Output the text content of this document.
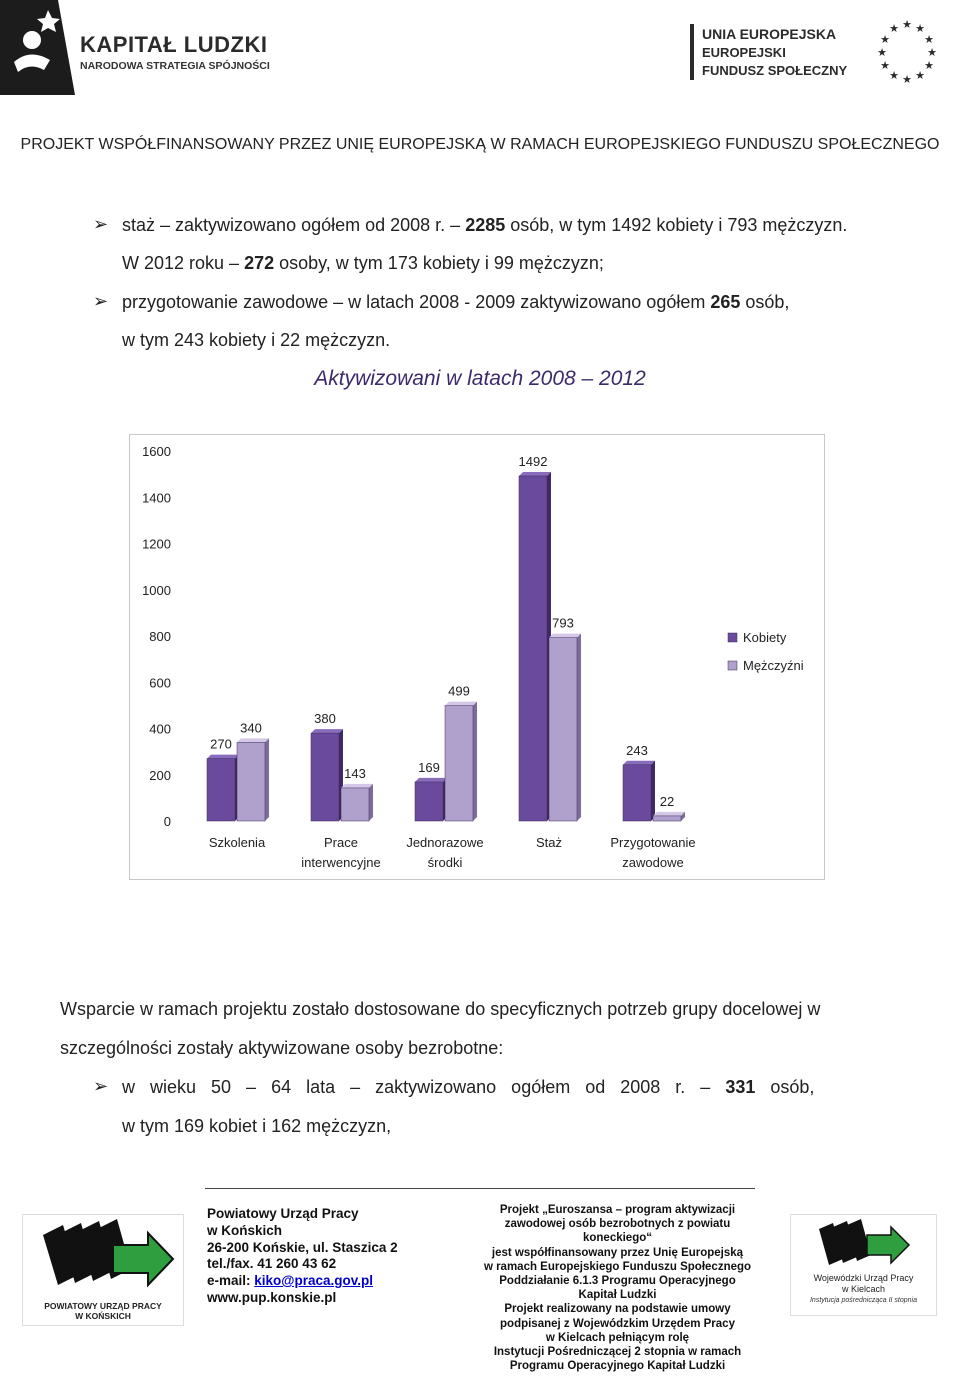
KAPITAŁ LUDZKI
NARODOWA STRATEGIA SPÓJNOŚCI
UNIA EUROPEJSKA
EUROPEJSKI
FUNDUSZ SPOŁECZNY
★ ★
★
★
★
★
★
★
★
★
★
★
PROJEKT WSPÓŁFINANSOWANY PRZEZ UNIĘ EUROPEJSKĄ W RAMACH EUROPEJSKIEGO FUNDUSZU SPOŁECZNEGO
➢ staż – zaktywizowano ogółem od 2008 r. – 2285 osób, w tym 1492 kobiety i 793 mężczyzn.
W 2012 roku – 272 osoby, w tym 173 kobiety i 99 mężczyzn;
➢ przygotowanie zawodowe – w latach 2008 - 2009 zaktywizowano ogółem 265 osób,
w tym 243 kobiety i 22 mężczyzn.
Aktywizowani w latach 2008 – 2012
0
200
400
600
800
1000
1200
1400
1600
270
340
Szkolenia
380
143
Prace
interwencyjne
169
499
Jednorazowe
środki
1492
793
Staż
243
22
Przygotowanie
zawodowe
Kobiety
Mężczyźni
Wsparcie w ramach projektu zostało dostosowane do specyficznych potrzeb grupy docelowej w
szczególności zostały aktywizowane osoby bezrobotne:
➢ w   wieku   50   –   64   lata   –   zaktywizowano   ogółem   od   2008   r.   –   331   osób,
w tym 169 kobiet i 162 mężczyzn,
POWIATOWY URZĄD PRACY
W KOŃSKICH
Powiatowy Urząd Pracy
w Końskich
26-200 Końskie, ul. Staszica 2
tel./fax. 41 260 43 62
e-mail: kiko@praca.gov.pl
www.pup.konskie.pl
Projekt „Euroszansa – program aktywizacji
zawodowej osób bezrobotnych z powiatu
koneckiego“
jest współfinansowany przez Unię Europejską
w ramach Europejskiego Funduszu Społecznego
Poddziałanie 6.1.3 Programu Operacyjnego
Kapitał Ludzki
Projekt realizowany na podstawie umowy
podpisanej z Wojewódzkim Urzędem Pracy
w Kielcach pełniącym rolę
Instytucji Pośredniczącej 2 stopnia w ramach
Programu Operacyjnego Kapitał Ludzki
Wojewódzki Urząd Pracy
w Kielcach
Instytucja pośrednicząca II stopnia
